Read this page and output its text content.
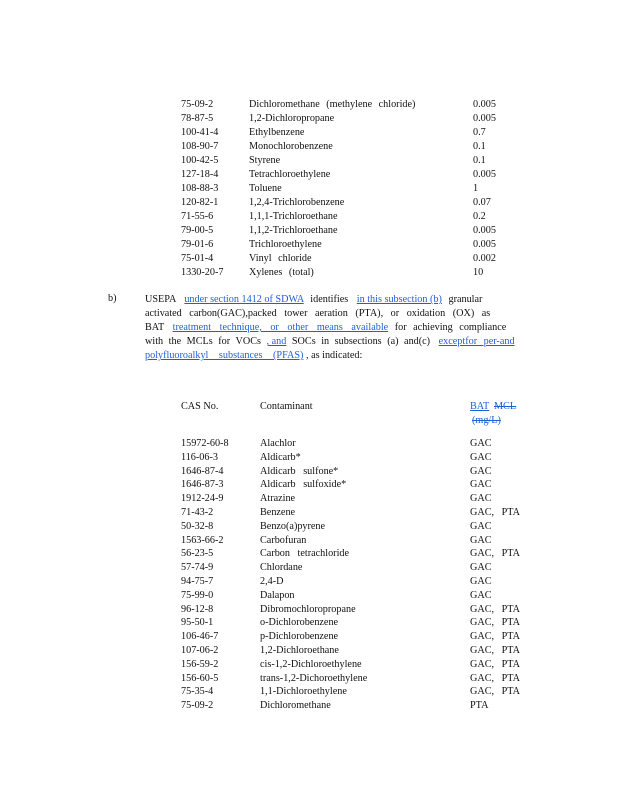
75-09-2	Dichloromethane (methylene chloride)	0.005
78-87-5	1,2-Dichloropropane	0.005
100-41-4	Ethylbenzene	0.7
108-90-7	Monochlorobenzene	0.1
100-42-5	Styrene	0.1
127-18-4	Tetrachloroethylene	0.005
108-88-3	Toluene	1
120-82-1	1,2,4-Trichlorobenzene	0.07
71-55-6	1,1,1-Trichloroethane	0.2
79-00-5	1,1,2-Trichloroethane	0.005
79-01-6	Trichloroethylene	0.005
75-01-4	Vinyl chloride	0.002
1330-20-7	Xylenes (total)	10
b)	USEPA under section 1412 of SDWA identifies in this subsection (b) granular
activated carbon(GAC),packed tower aeration (PTA), or oxidation (OX) as
BAT treatment technique, or other means available for achieving compliance
with the MCLs for VOCs , and SOCs in subsections (a) and(c) exceptfor per-and
polyfluoroalkyl substances (PFAS) , as indicated:
CAS No.	Contaminant	BAT MCL
(mg/L)
15972-60-8	Alachlor	GAC
116-06-3	Aldicarb*	GAC
1646-87-4	Aldicarb sulfone*	GAC
1646-87-3	Aldicarb sulfoxide*	GAC
1912-24-9	Atrazine	GAC
71-43-2	Benzene	GAC, PTA
50-32-8	Benzo(a)pyrene	GAC
1563-66-2	Carbofuran	GAC
56-23-5	Carbon tetrachloride	GAC, PTA
57-74-9	Chlordane	GAC
94-75-7	2,4-D	GAC
75-99-0	Dalapon	GAC
96-12-8	Dibromochloropropane	GAC, PTA
95-50-1	o-Dichlorobenzene	GAC, PTA
106-46-7	p-Dichlorobenzene	GAC, PTA
107-06-2	1,2-Dichloroethane	GAC, PTA
156-59-2	cis-1,2-Dichloroethylene	GAC, PTA
156-60-5	trans-1,2-Dichoroethylene	GAC, PTA
75-35-4	1,1-Dichloroethylene	GAC, PTA
75-09-2	Dichloromethane	PTA
